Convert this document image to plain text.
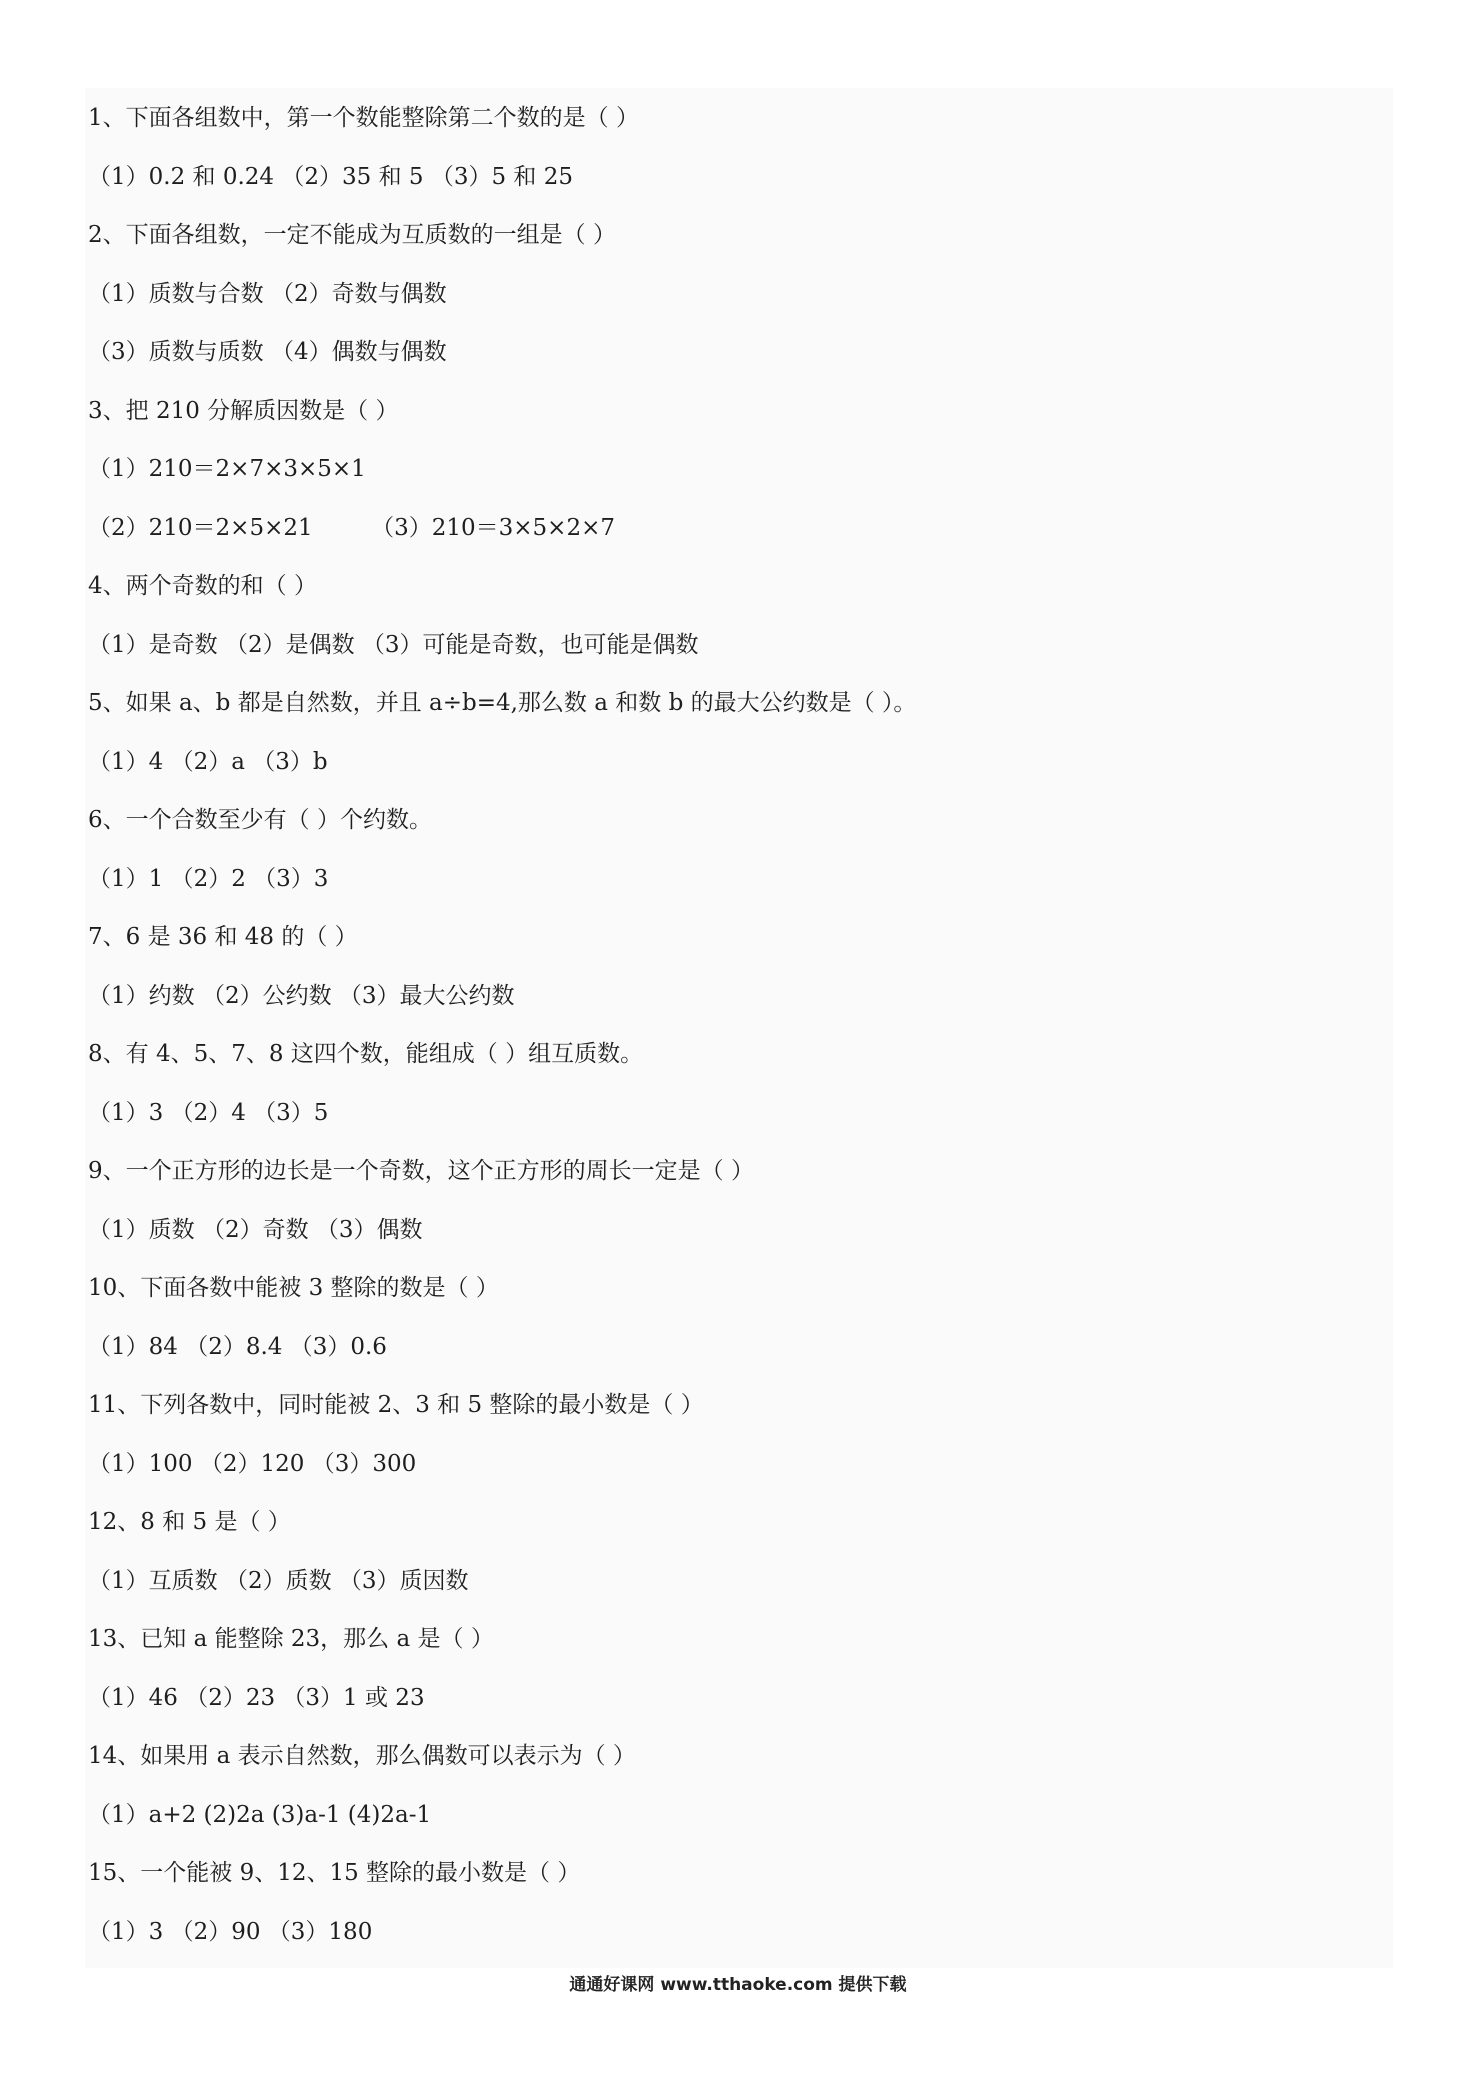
1、下面各组数中，第一个数能整除第二个数的是（ ）
（1）0.2 和 0.24 （2）35 和 5 （3）5 和 25
2、下面各组数，一定不能成为互质数的一组是（ ）
（1）质数与合数 （2）奇数与偶数
（3）质数与质数 （4）偶数与偶数
3、把 210 分解质因数是（ ）
（1）210＝2×7×3×5×1
（2）210＝2×5×21        （3）210＝3×5×2×7
4、两个奇数的和（ ）
（1）是奇数 （2）是偶数 （3）可能是奇数，也可能是偶数
5、如果 a、b 都是自然数，并且 a÷b=4,那么数 a 和数 b 的最大公约数是（ ）。
（1）4 （2）a （3）b
6、一个合数至少有（ ）个约数。
（1）1 （2）2 （3）3
7、6 是 36 和 48 的（ ）
（1）约数 （2）公约数 （3）最大公约数
8、有 4、5、7、8 这四个数，能组成（ ）组互质数。
（1）3 （2）4 （3）5
9、一个正方形的边长是一个奇数，这个正方形的周长一定是（ ）
（1）质数 （2）奇数 （3）偶数
10、下面各数中能被 3 整除的数是（ ）
（1）84 （2）8.4 （3）0.6
11、下列各数中，同时能被 2、3 和 5 整除的最小数是（ ）
（1）100 （2）120 （3）300
12、8 和 5 是（ ）
（1）互质数 （2）质数 （3）质因数
13、已知 a 能整除 23，那么 a 是（ ）
（1）46 （2）23 （3）1 或 23
14、如果用 a 表示自然数，那么偶数可以表示为（ ）
（1）a+2 (2)2a (3)a-1 (4)2a-1
15、一个能被 9、12、15 整除的最小数是（ ）
（1）3 （2）90 （3）180
通通好课网 www.tthaoke.com 提供下载
